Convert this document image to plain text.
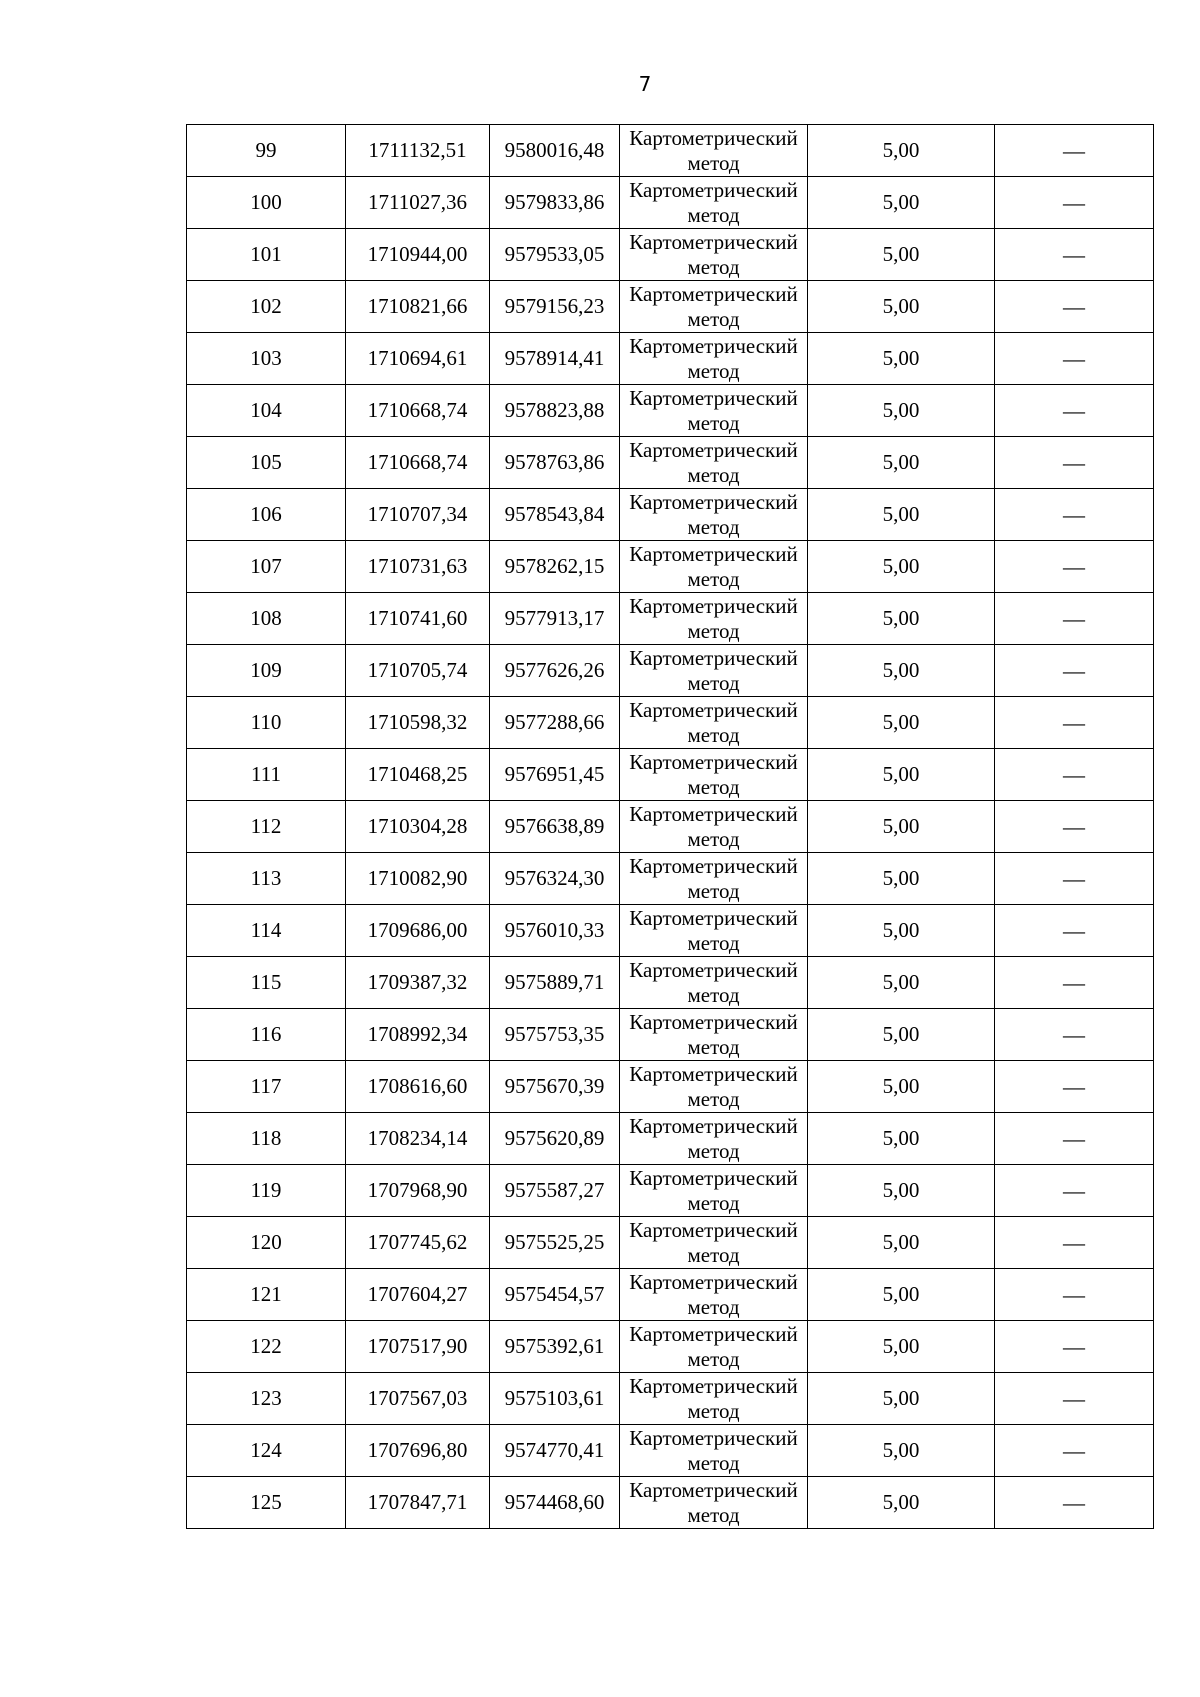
7
99	1711132,51	9580016,48	Картометрический метод	5,00	—
100	1711027,36	9579833,86	Картометрический метод	5,00	—
101	1710944,00	9579533,05	Картометрический метод	5,00	—
102	1710821,66	9579156,23	Картометрический метод	5,00	—
103	1710694,61	9578914,41	Картометрический метод	5,00	—
104	1710668,74	9578823,88	Картометрический метод	5,00	—
105	1710668,74	9578763,86	Картометрический метод	5,00	—
106	1710707,34	9578543,84	Картометрический метод	5,00	—
107	1710731,63	9578262,15	Картометрический метод	5,00	—
108	1710741,60	9577913,17	Картометрический метод	5,00	—
109	1710705,74	9577626,26	Картометрический метод	5,00	—
110	1710598,32	9577288,66	Картометрический метод	5,00	—
111	1710468,25	9576951,45	Картометрический метод	5,00	—
112	1710304,28	9576638,89	Картометрический метод	5,00	—
113	1710082,90	9576324,30	Картометрический метод	5,00	—
114	1709686,00	9576010,33	Картометрический метод	5,00	—
115	1709387,32	9575889,71	Картометрический метод	5,00	—
116	1708992,34	9575753,35	Картометрический метод	5,00	—
117	1708616,60	9575670,39	Картометрический метод	5,00	—
118	1708234,14	9575620,89	Картометрический метод	5,00	—
119	1707968,90	9575587,27	Картометрический метод	5,00	—
120	1707745,62	9575525,25	Картометрический метод	5,00	—
121	1707604,27	9575454,57	Картометрический метод	5,00	—
122	1707517,90	9575392,61	Картометрический метод	5,00	—
123	1707567,03	9575103,61	Картометрический метод	5,00	—
124	1707696,80	9574770,41	Картометрический метод	5,00	—
125	1707847,71	9574468,60	Картометрический метод	5,00	—
